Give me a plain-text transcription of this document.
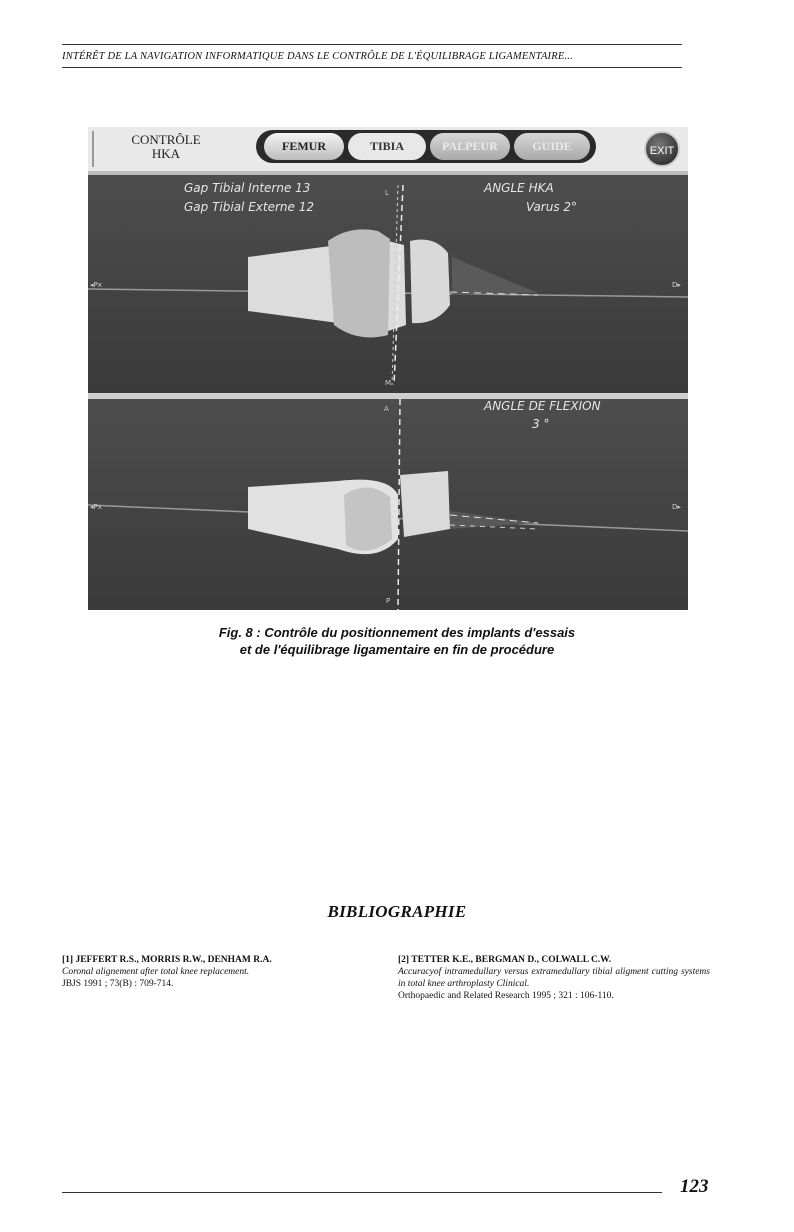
INTÉRÊT DE LA NAVIGATION INFORMATIQUE DANS LE CONTRÔLE DE L'ÉQUILIBRAGE LIGAMENTAIRE...
CONTRÔLE
HKA	FEMUR	TIBIA	PALPEUR	GUIDE	EXIT
Gap Tibial Interne 13
Gap Tibial Externe 12
ANGLE HKA
Varus 2°
◂Px	D▸
L
M
ANGLE DE FLEXION
3 °
◂Px	D▸
A
P
Fig. 8 : Contrôle du positionnement des implants d'essais
et de l'équilibrage ligamentaire en fin de procédure
BIBLIOGRAPHIE
[1] JEFFERT R.S., MORRIS R.W., DENHAM R.A.
Coronal alignement after total knee replacement.
JBJS 1991 ; 73(B) : 709-714.
[2] TETTER K.E., BERGMAN D., COLWALL C.W.
Accuracyof intramedullary versus extramedullary tibial aligment cutting systems in total knee arthroplasty Clinical.
Orthopaedic and Related Research 1995 ; 321 : 106-110.
123
